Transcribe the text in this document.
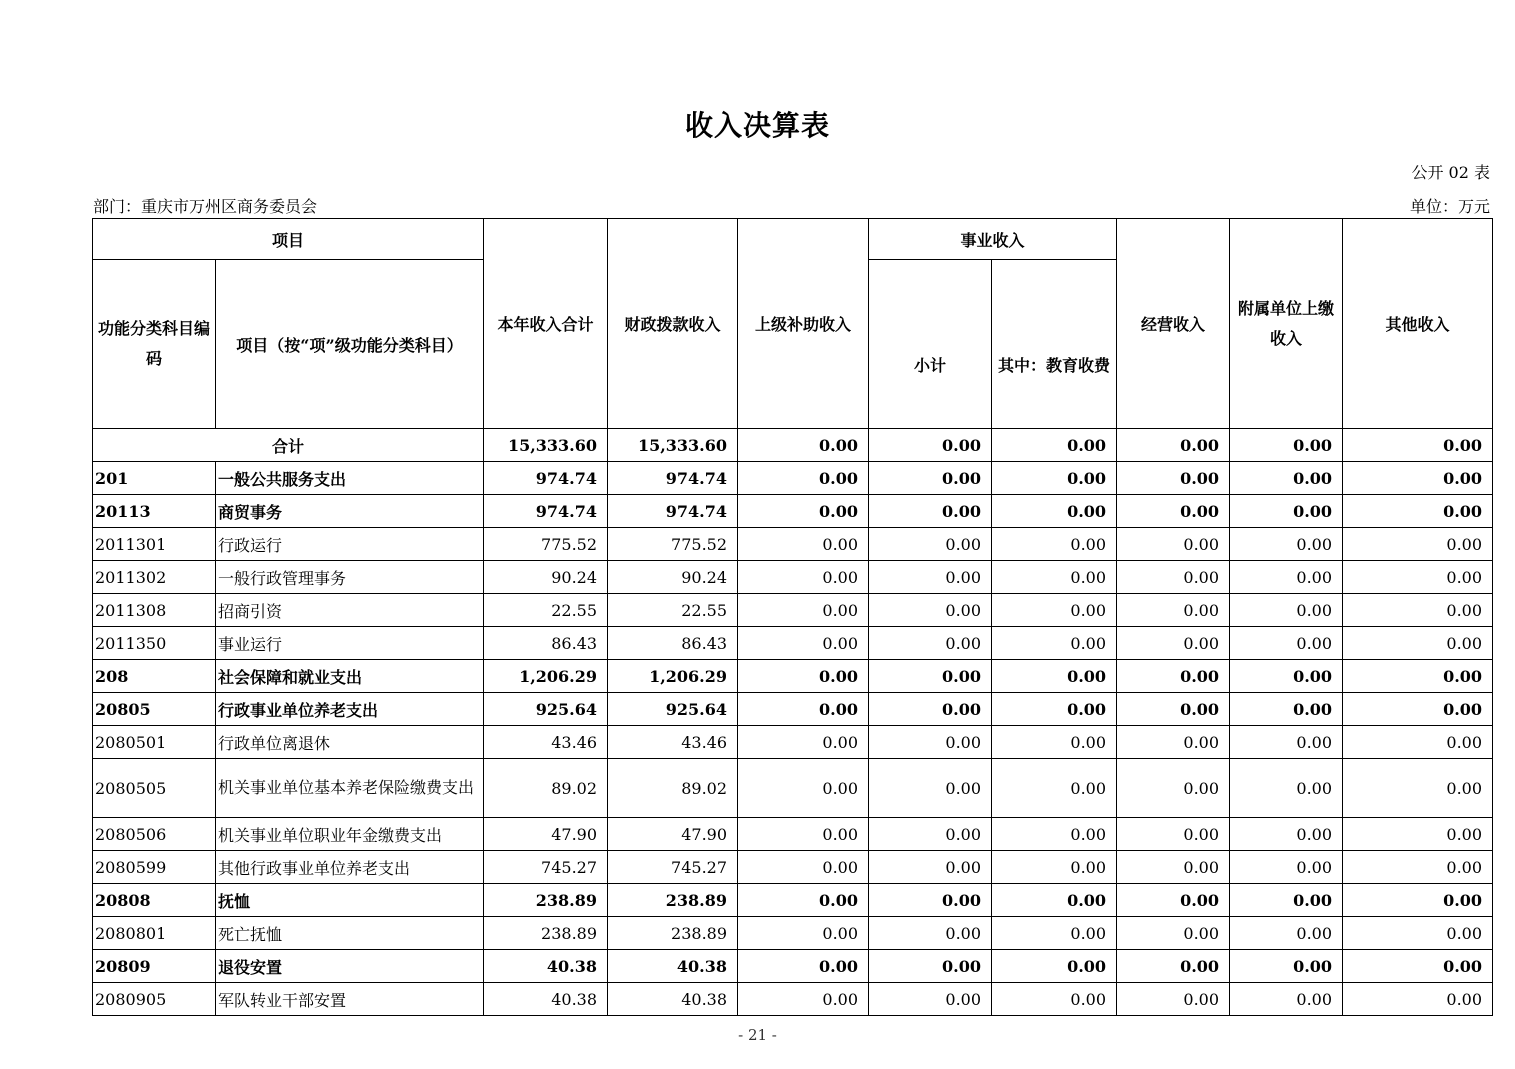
收入决算表
公开 02 表
部门：重庆市万州区商务委员会	单位：万元
项目		本年收入合计	财政拨款收入	上级补助收入	事业收入		经营收入	附属单位上缴收入	其他收入
功能分类科目编码	项目（按“项”级功能分类科目）				小计	其中：教育收费			
合计		15,333.60	15,333.60	0.00	0.00	0.00	0.00	0.00	0.00
201	一般公共服务支出	974.74	974.74	0.00	0.00	0.00	0.00	0.00	0.00
20113	商贸事务	974.74	974.74	0.00	0.00	0.00	0.00	0.00	0.00
2011301	行政运行	775.52	775.52	0.00	0.00	0.00	0.00	0.00	0.00
2011302	一般行政管理事务	90.24	90.24	0.00	0.00	0.00	0.00	0.00	0.00
2011308	招商引资	22.55	22.55	0.00	0.00	0.00	0.00	0.00	0.00
2011350	事业运行	86.43	86.43	0.00	0.00	0.00	0.00	0.00	0.00
208	社会保障和就业支出	1,206.29	1,206.29	0.00	0.00	0.00	0.00	0.00	0.00
20805	行政事业单位养老支出	925.64	925.64	0.00	0.00	0.00	0.00	0.00	0.00
2080501	行政单位离退休	43.46	43.46	0.00	0.00	0.00	0.00	0.00	0.00
2080505	机关事业单位基本养老保险缴费支出	89.02	89.02	0.00	0.00	0.00	0.00	0.00	0.00
2080506	机关事业单位职业年金缴费支出	47.90	47.90	0.00	0.00	0.00	0.00	0.00	0.00
2080599	其他行政事业单位养老支出	745.27	745.27	0.00	0.00	0.00	0.00	0.00	0.00
20808	抚恤	238.89	238.89	0.00	0.00	0.00	0.00	0.00	0.00
2080801	死亡抚恤	238.89	238.89	0.00	0.00	0.00	0.00	0.00	0.00
20809	退役安置	40.38	40.38	0.00	0.00	0.00	0.00	0.00	0.00
2080905	军队转业干部安置	40.38	40.38	0.00	0.00	0.00	0.00	0.00	0.00
- 21 -
